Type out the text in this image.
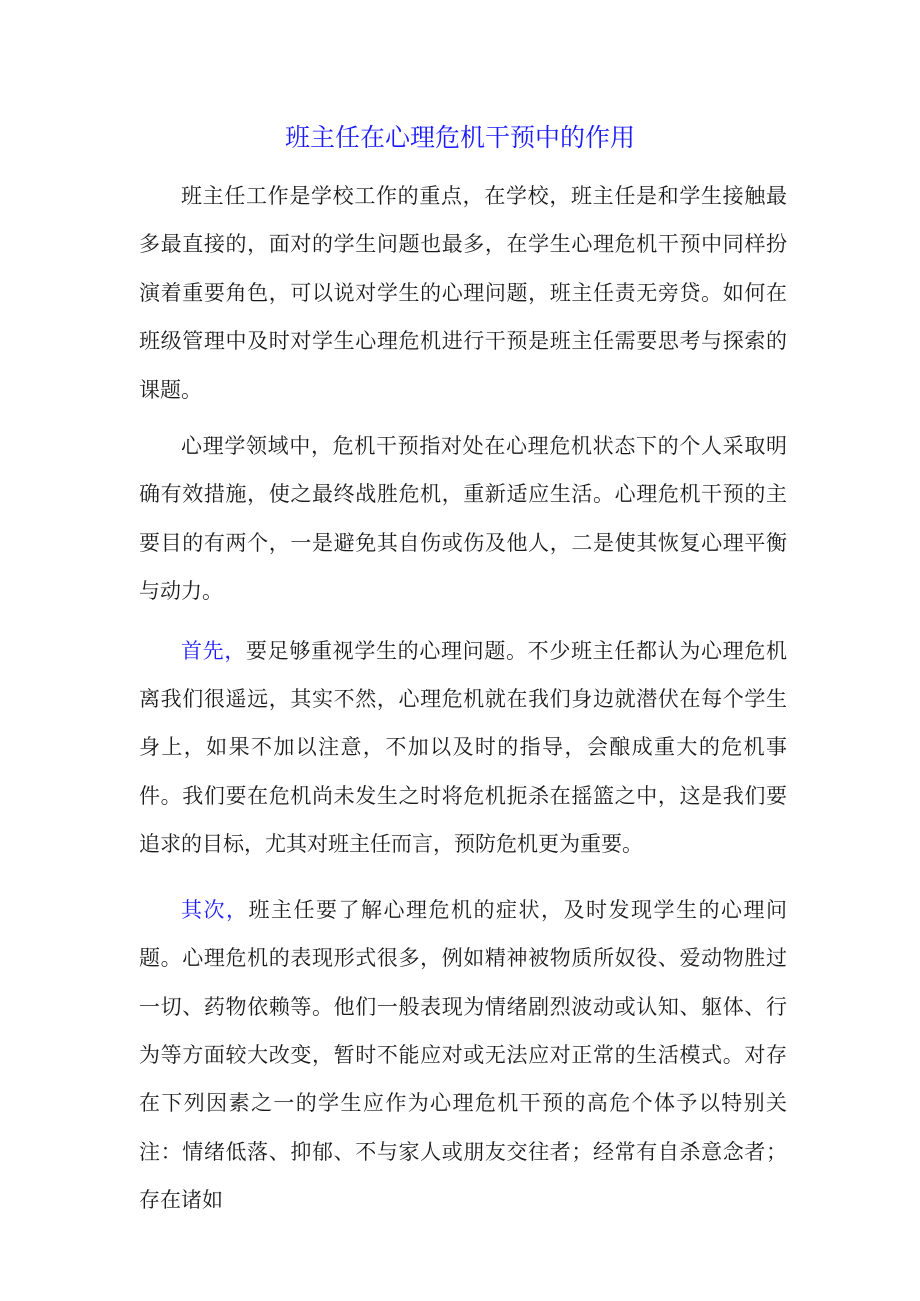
班主任在心理危机干预中的作用

班主任工作是学校工作的重点，在学校，班主任是和学生接触最多最直接的，面对的学生问题也最多，在学生心理危机干预中同样扮演着重要角色，可以说对学生的心理问题，班主任责无旁贷。如何在班级管理中及时对学生心理危机进行干预是班主任需要思考与探索的课题。

心理学领域中，危机干预指对处在心理危机状态下的个人采取明确有效措施，使之最终战胜危机，重新适应生活。心理危机干预的主要目的有两个，一是避免其自伤或伤及他人，二是使其恢复心理平衡与动力。

首先，要足够重视学生的心理问题。不少班主任都认为心理危机离我们很遥远，其实不然，心理危机就在我们身边就潜伏在每个学生身上，如果不加以注意，不加以及时的指导，会酿成重大的危机事件。我们要在危机尚未发生之时将危机扼杀在摇篮之中，这是我们要追求的目标，尤其对班主任而言，预防危机更为重要。

其次，班主任要了解心理危机的症状，及时发现学生的心理问题。心理危机的表现形式很多，例如精神被物质所奴役、爱动物胜过一切、药物依赖等。他们一般表现为情绪剧烈波动或认知、躯体、行为等方面较大改变，暂时不能应对或无法应对正常的生活模式。对存在下列因素之一的学生应作为心理危机干预的高危个体予以特别关注：情绪低落、抑郁、不与家人或朋友交往者；经常有自杀意念者；存在诸如
